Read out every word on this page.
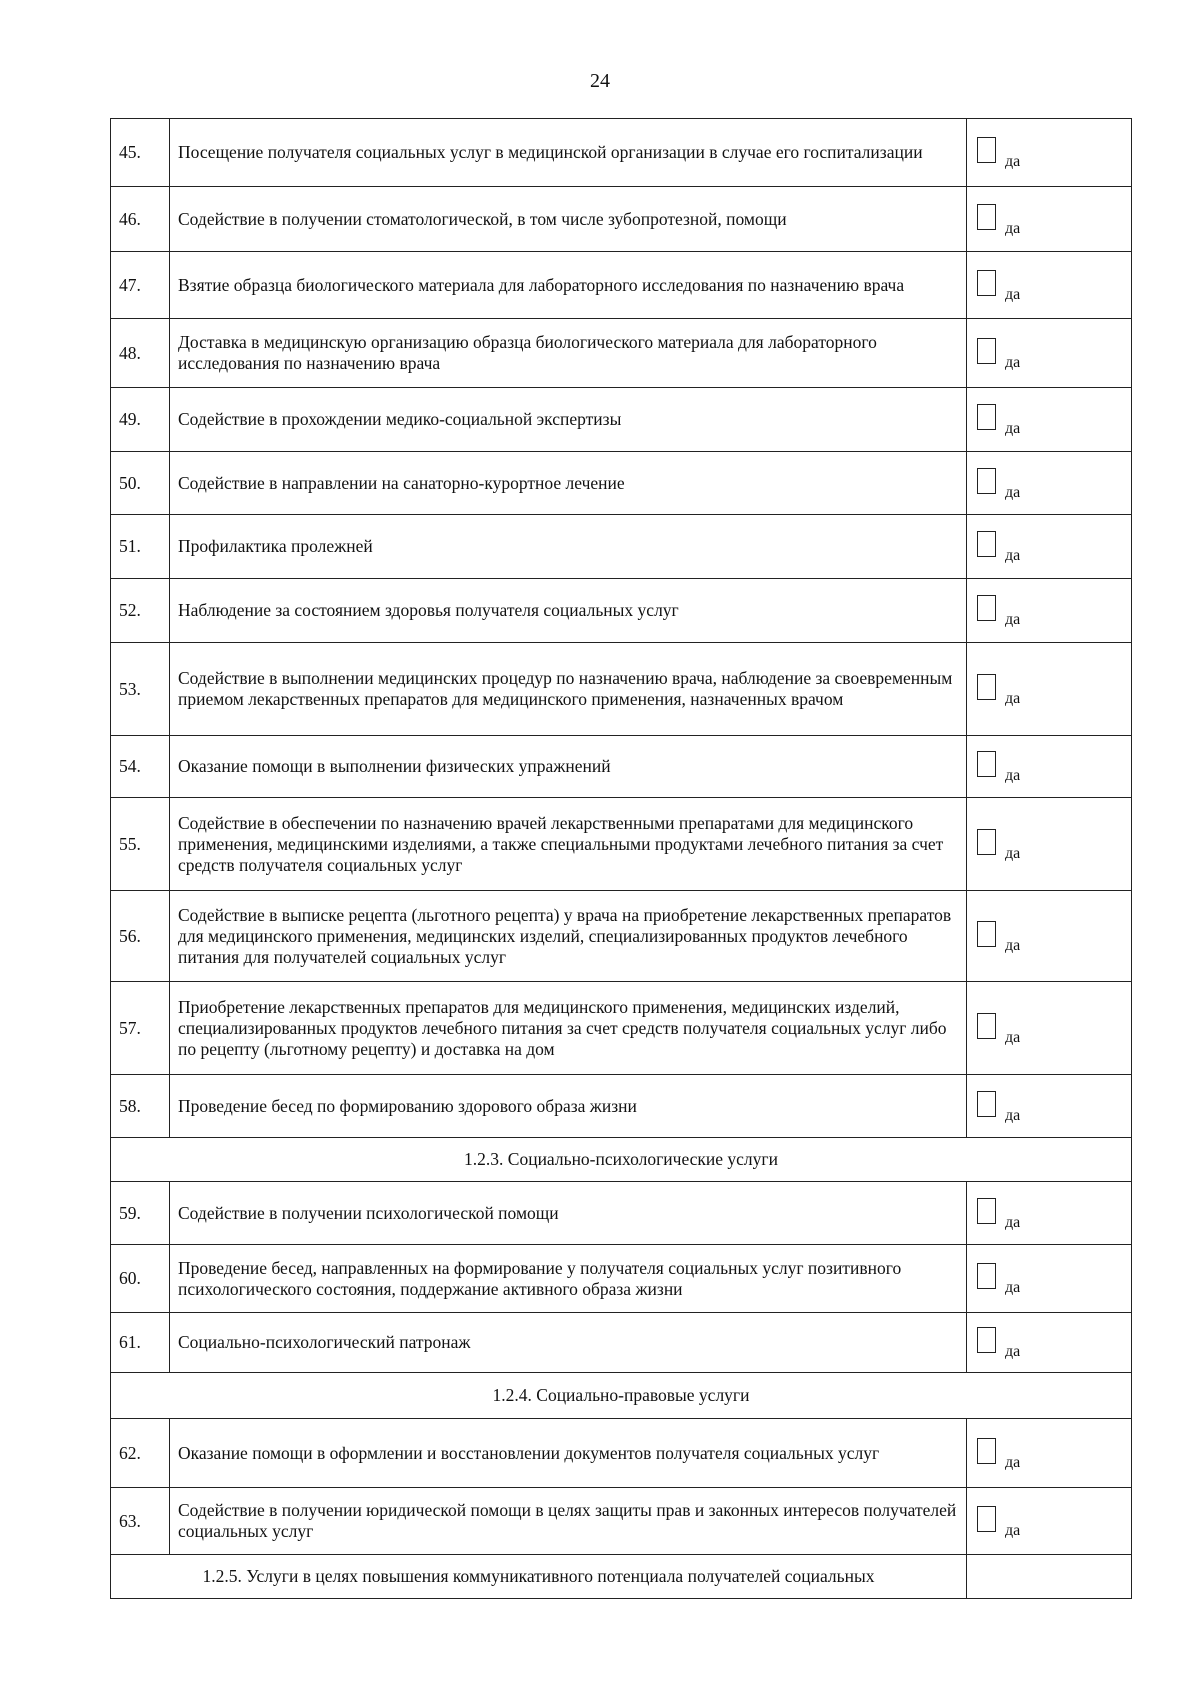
24
45.	Посещение получателя социальных услуг в медицинской организации в случае его госпитализации	да

46.	Содействие в получении стоматологической, в том числе зубопротезной, помощи	да

47.	Взятие образца биологического материала для лабораторного исследования по назначению врача	да

48.	Доставка в медицинскую организацию образца биологического материала для лабораторного исследования по назначению врача	да

49.	Содействие в прохождении медико-социальной экспертизы	да

50.	Содействие в направлении на санаторно-курортное лечение	да

51.	Профилактика пролежней	да

52.	Наблюдение за состоянием здоровья получателя социальных услуг	да

53.	Содействие в выполнении медицинских процедур по назначению врача, наблюдение за своевременным приемом лекарственных препаратов для медицинского применения, назначенных врачом	да

54.	Оказание помощи в выполнении физических упражнений	да

55.	Содействие в обеспечении по назначению врачей лекарственными препаратами для медицинского применения, медицинскими изделиями, а также специальными продуктами лечебного питания за счет средств получателя социальных услуг	да

56.	Содействие в выписке рецепта (льготного рецепта) у врача на приобретение лекарственных препаратов для медицинского применения, медицинских изделий, специализированных продуктов лечебного питания для получателей социальных услуг	да

57.	Приобретение лекарственных препаратов для медицинского применения, медицинских изделий, специализированных продуктов лечебного питания за счет средств получателя социальных услуг либо по рецепту (льготному рецепту) и доставка на дом	да

58.	Проведение бесед по формированию здорового образа жизни	да

1.2.3. Социально-психологические услуги		
59.	Содействие в получении психологической помощи	да

60.	Проведение бесед, направленных на формирование у получателя социальных услуг позитивного психологического состояния, поддержание активного образа жизни	да

61.	Социально-психологический патронаж	да

1.2.4. Социально-правовые услуги		
62.	Оказание помощи в оформлении и восстановлении документов получателя социальных услуг	да

63.	Содействие в получении юридической помощи в целях защиты прав и законных интересов получателей социальных услуг	да

1.2.5. Услуги в целях повышения коммуникативного потенциала получателей социальных		
